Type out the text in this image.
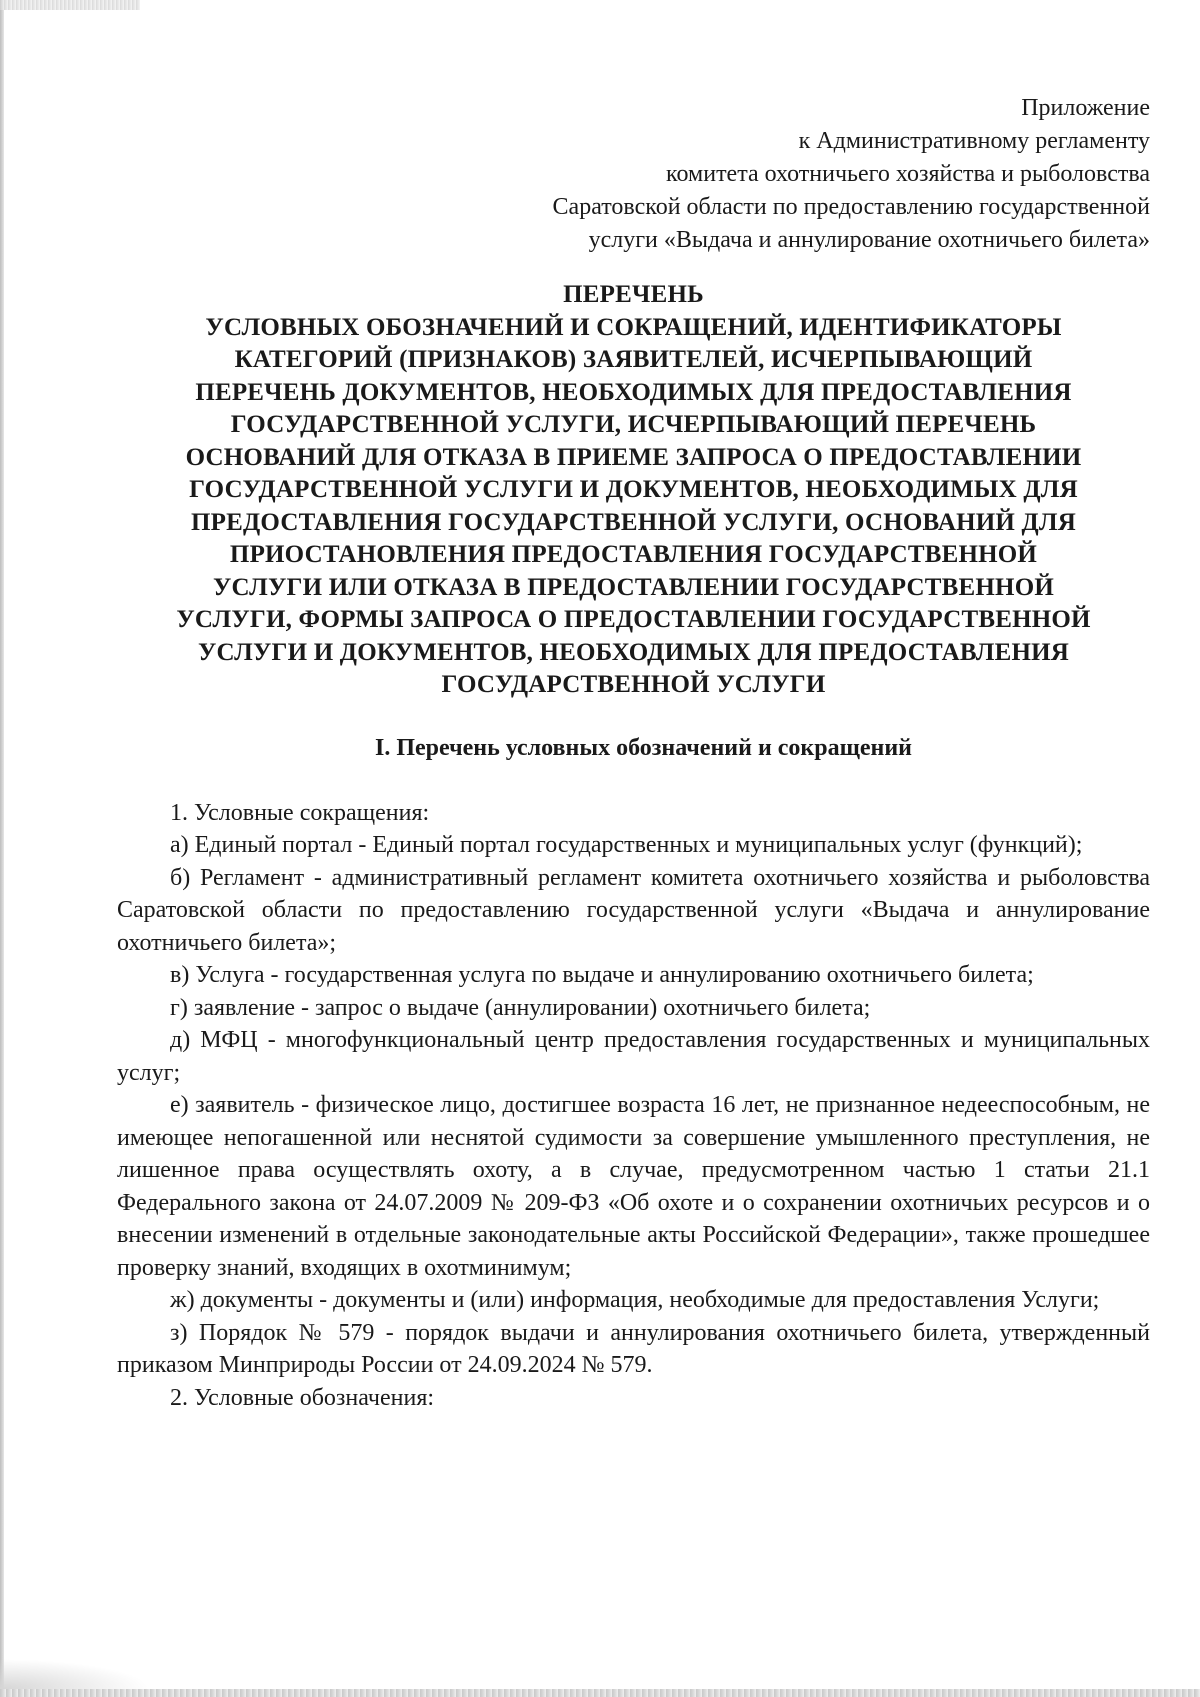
Приложение
к Административному регламенту
комитета охотничьего хозяйства и рыболовства
Саратовской области по предоставлению государственной
услуги «Выдача и аннулирование охотничьего билета»
ПЕРЕЧЕНЬ
УСЛОВНЫХ ОБОЗНАЧЕНИЙ И СОКРАЩЕНИЙ, ИДЕНТИФИКАТОРЫ
КАТЕГОРИЙ (ПРИЗНАКОВ) ЗАЯВИТЕЛЕЙ, ИСЧЕРПЫВАЮЩИЙ
ПЕРЕЧЕНЬ ДОКУМЕНТОВ, НЕОБХОДИМЫХ ДЛЯ ПРЕДОСТАВЛЕНИЯ
ГОСУДАРСТВЕННОЙ УСЛУГИ, ИСЧЕРПЫВАЮЩИЙ ПЕРЕЧЕНЬ
ОСНОВАНИЙ ДЛЯ ОТКАЗА В ПРИЕМЕ ЗАПРОСА О ПРЕДОСТАВЛЕНИИ
ГОСУДАРСТВЕННОЙ УСЛУГИ И ДОКУМЕНТОВ, НЕОБХОДИМЫХ ДЛЯ
ПРЕДОСТАВЛЕНИЯ ГОСУДАРСТВЕННОЙ УСЛУГИ, ОСНОВАНИЙ ДЛЯ
ПРИОСТАНОВЛЕНИЯ ПРЕДОСТАВЛЕНИЯ ГОСУДАРСТВЕННОЙ
УСЛУГИ ИЛИ ОТКАЗА В ПРЕДОСТАВЛЕНИИ ГОСУДАРСТВЕННОЙ
УСЛУГИ, ФОРМЫ ЗАПРОСА О ПРЕДОСТАВЛЕНИИ ГОСУДАРСТВЕННОЙ
УСЛУГИ И ДОКУМЕНТОВ, НЕОБХОДИМЫХ ДЛЯ ПРЕДОСТАВЛЕНИЯ
ГОСУДАРСТВЕННОЙ УСЛУГИ
I. Перечень условных обозначений и сокращений

1. Условные сокращения:

а) Единый портал - Единый портал государственных и муниципальных услуг (функций);

б) Регламент - административный регламент комитета охотничьего хозяйства и рыболовства Саратовской области по предоставлению государственной услуги «Выдача и аннулирование охотничьего билета»;

в) Услуга - государственная услуга по выдаче и аннулированию охотничьего билета;

г) заявление - запрос о выдаче (аннулировании) охотничьего билета;

д) МФЦ - многофункциональный центр предоставления государственных и муниципальных услуг;

е) заявитель - физическое лицо, достигшее возраста 16 лет, не признанное недееспособным, не имеющее непогашенной или неснятой судимости за совершение умышленного преступления, не лишенное права осуществлять охоту, а в случае, предусмотренном частью 1 статьи 21.1 Федерального закона от 24.07.2009 № 209-ФЗ «Об охоте и о сохранении охотничьих ресурсов и о внесении изменений в отдельные законодательные акты Российской Федерации», также прошедшее проверку знаний, входящих в охотминимум;

ж) документы - документы и (или) информация, необходимые для предоставления Услуги;

з) Порядок № 579 - порядок выдачи и аннулирования охотничьего билета, утвержденный приказом Минприроды России от 24.09.2024 № 579.

2. Условные обозначения:
